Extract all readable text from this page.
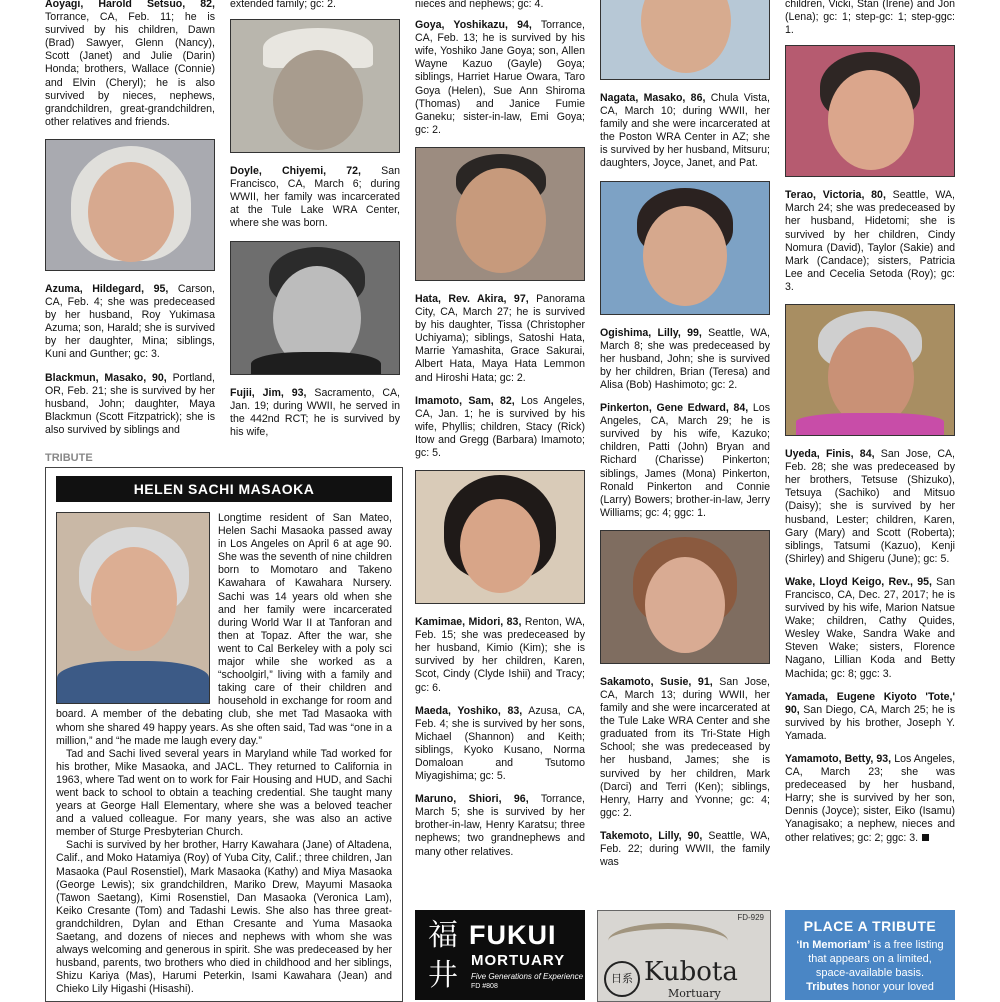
Aoyagi, Harold Setsuo, 82, Torrance, CA, Feb. 11; he is survived by his children, Dawn (Brad) Sawyer, Glenn (Nancy), Scott (Janet) and Julie (Darin) Honda; brothers, Wallace (Connie) and Elvin (Cheryl); he is also survived by nieces, nephews, grandchildren, great-grandchildren, other relatives and friends.

Azuma, Hildegard, 95, Carson, CA, Feb. 4; she was predeceased by her husband, Roy Yukimasa Azuma; son, Harald; she is survived by her daughter, Mina; siblings, Kuni and Gunther; gc: 3.

Blackmun, Masako, 90, Portland, OR, Feb. 21; she is survived by her husband, John; daughter, Maya Blackmun (Scott Fitzpatrick); she is also survived by siblings and

extended family; gc: 2.

Doyle, Chiyemi, 72, San Francisco, CA, March 6; during WWII, her family was incarcerated at the Tule Lake WRA Center, where she was born.

Fujii, Jim, 93, Sacramento, CA, Jan. 19; during WWII, he served in the 442nd RCT; he is survived by his wife,

nieces and nephews; gc: 4.

Goya, Yoshikazu, 94, Torrance, CA, Feb. 13; he is survived by his wife, Yoshiko Jane Goya; son, Allen Wayne Kazuo (Gayle) Goya; siblings, Harriet Harue Owara, Taro Goya (Helen), Sue Ann Shiroma (Thomas) and Janice Fumie Ganeku; sister-in-law, Emi Goya; gc: 2.

Hata, Rev. Akira, 97, Panorama City, CA, March 27; he is survived by his daughter, Tissa (Christopher Uchiyama); siblings, Satoshi Hata, Marrie Yamashita, Grace Sakurai, Albert Hata, Maya Hata Lemmon and Hiroshi Hata; gc: 2.

Imamoto, Sam, 82, Los Angeles, CA, Jan. 1; he is survived by his wife, Phyllis; children, Stacy (Rick) Itow and Gregg (Barbara) Imamoto; gc: 5.

Kamimae, Midori, 83, Renton, WA, Feb. 15; she was predeceased by her husband, Kimio (Kim); she is survived by her children, Karen, Scot, Cindy (Clyde Ishii) and Tracy; gc: 6.

Maeda, Yoshiko, 83, Azusa, CA, Feb. 4; she is survived by her sons, Michael (Shannon) and Keith; siblings, Kyoko Kusano, Norma Domaloan and Tsutomo Miyagishima; gc: 5.

Maruno, Shiori, 96, Torrance, March 5; she is survived by her brother-in-law, Henry Karatsu; three nephews; two grandnephews and many other relatives.

Nagata, Masako, 86, Chula Vista, CA, March 10; during WWII, her family and she were incarcerated at the Poston WRA Center in AZ; she is survived by her husband, Mitsuru; daughters, Joyce, Janet, and Pat.

Ogishima, Lilly, 99, Seattle, WA, March 8; she was predeceased by her husband, John; she is survived by her children, Brian (Teresa) and Alisa (Bob) Hashimoto; gc: 2.

Pinkerton, Gene Edward, 84, Los Angeles, CA, March 29; he is survived by his wife, Kazuko; children, Patti (John) Bryan and Richard (Charisse) Pinkerton; siblings, James (Mona) Pinkerton, Ronald Pinkerton and Connie (Larry) Bowers; brother-in-law, Jerry Williams; gc: 4; ggc: 1.

Sakamoto, Susie, 91, San Jose, CA, March 13; during WWII, her family and she were incarcerated at the Tule Lake WRA Center and she graduated from its Tri-State High School; she was predeceased by her husband, James; she is survived by her children, Mark (Darci) and Terri (Ken); siblings, Henry, Harry and Yvonne; gc: 4; ggc: 2.

Takemoto, Lilly, 90, Seattle, WA, Feb. 22; during WWII, the family was

children, Vicki, Stan (Irene) and Jon (Lena); gc: 1; step-gc: 1; step-ggc: 1.

Terao, Victoria, 80, Seattle, WA, March 24; she was predeceased by her husband, Hidetomi; she is survived by her children, Cindy Nomura (David), Taylor (Sakie) and Mark (Candace); sisters, Patricia Lee and Cecelia Setoda (Roy); gc: 3.

Uyeda, Finis, 84, San Jose, CA, Feb. 28; she was predeceased by her brothers, Tetsuse (Shizuko), Tetsuya (Sachiko) and Mitsuo (Daisy); she is survived by her husband, Lester; children, Karen, Gary (Mary) and Scott (Roberta); siblings, Tatsumi (Kazuo), Kenji (Shirley) and Shigeru (June); gc: 5.

Wake, Lloyd Keigo, Rev., 95, San Francisco, CA, Dec. 27, 2017; he is survived by his wife, Marion Natsue Wake; children, Cathy Quides, Wesley Wake, Sandra Wake and Steven Wake; sisters, Florence Nagano, Lillian Koda and Betty Machida; gc: 8; ggc: 3.

Yamada, Eugene Kiyoto 'Tote,' 90, San Diego, CA, March 25; he is survived by his brother, Joseph Y. Yamada.

Yamamoto, Betty, 93, Los Angeles, CA, March 23; she was predeceased by her husband, Harry; she is survived by her son, Dennis (Joyce); sister, Eiko (Isamu) Yanagisako; a nephew, nieces and other relatives; gc: 2; ggc: 3.

TRIBUTE
HELEN SACHI MASAOKA

Longtime resident of San Mateo, Helen Sachi Masaoka passed away in Los Angeles on April 6 at age 90. She was the seventh of nine children born to Momotaro and Takeno Kawahara of Kawahara Nursery. Sachi was 14 years old when she and her family were incarcerated during World War II at Tanforan and then at Topaz. After the war, she went to Cal Berkeley with a poly sci major while she worked as a “schoolgirl,” living with a family and taking care of their children and household in exchange for room and board. A member of the debating club, she met Tad Masaoka with whom she shared 49 happy years. As she often said, Tad was “one in a million,” and “he made me laugh every day.”

Tad and Sachi lived several years in Maryland while Tad worked for his brother, Mike Masaoka, and JACL. They returned to California in 1963, where Tad went on to work for Fair Housing and HUD, and Sachi went back to school to obtain a teaching credential. She taught many years at George Hall Elementary, where she was a beloved teacher and a valued colleague. For many years, she was also an active member of Sturge Presbyterian Church.

Sachi is survived by her brother, Harry Kawahara (Jane) of Altadena, Calif., and Moko Hatamiya (Roy) of Yuba City, Calif.; three children, Jan Masaoka (Paul Rosenstiel), Mark Masaoka (Kathy) and Miya Masaoka (George Lewis); six grandchildren, Mariko Drew, Mayumi Masaoka (Tawon Saetang), Kimi Rosenstiel, Dan Masaoka (Veronica Lam), Keiko Cresante (Tom) and Tadashi Lewis. She also has three great-grandchildren, Dylan and Ethan Cresante and Yuma Masaoka Saetang, and dozens of nieces and nephews with whom she was always welcoming and generous in spirit. She was predeceased by her husband, parents, two brothers who died in childhood and her siblings, Shizu Kariya (Mas), Harumi Peterkin, Isami Kawahara (Jean) and Chieko Lily Higashi (Hisashi).

福
井
FUKUI
MORTUARY
Five Generations of Experience
FD #808
FD-929
日系 Kubota
Mortuary
PLACE A TRIBUTE
‘In Memoriam’ is a free listing that appears on a limited, space-available basis. Tributes honor your loved
